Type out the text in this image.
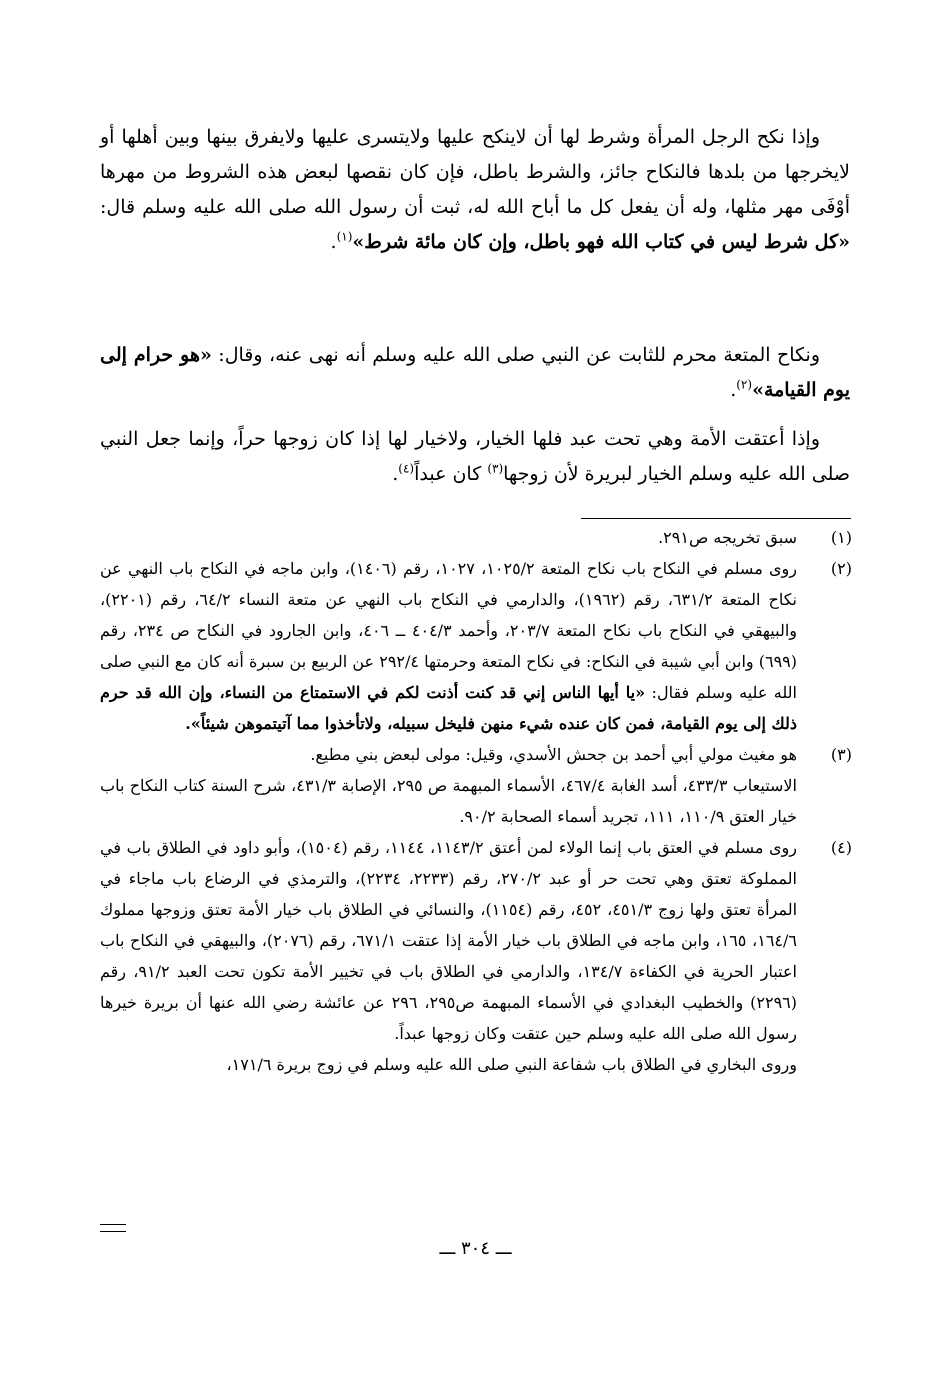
وإذا نكح الرجل المرأة وشرط لها أن لاينكح عليها ولايتسرى عليها ولايفرق بينها وبين أهلها أو لايخرجها من بلدها فالنكاح جائز، والشرط باطل، فإن كان نقصها لبعض هذه الشروط من مهرها أوْفَى مهر مثلها، وله أن يفعل كل ما أباح الله له، ثبت أن رسول الله صلى الله عليه وسلم قال: «كل شرط ليس في كتاب الله فهو باطل، وإن كان مائة شرط»$^{(١)}$.

ونكاح المتعة محرم للثابت عن النبي صلى الله عليه وسلم أنه نهى عنه، وقال: «هو حرام إلى يوم القيامة»$^{(٢)}$.

وإذا أعتقت الأمة وهي تحت عبد فلها الخيار، ولاخيار لها إذا كان زوجها حراً، وإنما جعل النبي صلى الله عليه وسلم الخيار لبريرة لأن زوجها$^{(٣)}$ كان عبداً$^{(٤)}$.

(١)
سبق تخريجه ص٢٩١.
(٢)
روى مسلم في النكاح باب نكاح المتعة ١٠٢٥/٢، ١٠٢٧، رقم (١٤٠٦)، وابن ماجه في النكاح باب النهي عن نكاح المتعة ٦٣١/٢، رقم (١٩٦٢)، والدارمي في النكاح باب النهي عن متعة النساء ٦٤/٢، رقم (٢٢٠١)، والبيهقي في النكاح باب نكاح المتعة ٢٠٣/٧، وأحمد ٤٠٤/٣ ــ ٤٠٦، وابن الجارود في النكاح ص ٢٣٤، رقم (٦٩٩) وابن أبي شيبة في النكاح: في نكاح المتعة وحرمتها ٢٩٢/٤ عن الربيع بن سبرة أنه كان مع النبي صلى الله عليه وسلم فقال: «يا أيها الناس إني قد كنت أذنت لكم في الاستمتاع من النساء، وإن الله قد حرم ذلك إلى يوم القيامة، فمن كان عنده شيء منهن فليخل سبيله، ولاتأخذوا مما آتيتموهن شيئاً».
(٣)
هو مغيث مولي أبي أحمد بن جحش الأسدي، وقيل: مولى لبعض بني مطيع.
الاستيعاب ٤٣٣/٣، أسد الغابة ٤٦٧/٤، الأسماء المبهمة ص ٢٩٥، الإصابة ٤٣١/٣، شرح السنة كتاب النكاح باب خيار العتق ١١٠/٩، ١١١، تجريد أسماء الصحابة ٩٠/٢.
(٤)
روى مسلم في العتق باب إنما الولاء لمن أعتق ١١٤٣/٢، ١١٤٤، رقم (١٥٠٤)، وأبو داود في الطلاق باب في المملوكة تعتق وهي تحت حر أو عبد ٢٧٠/٢، رقم (٢٢٣٣، ٢٢٣٤)، والترمذي في الرضاع باب ماجاء في المرأة تعتق ولها زوج ٤٥١/٣، ٤٥٢، رقم (١١٥٤)، والنسائي في الطلاق باب خيار الأمة تعتق وزوجها مملوك ١٦٤/٦، ١٦٥، وابن ماجه في الطلاق باب خيار الأمة إذا عتقت ٦٧١/١، رقم (٢٠٧٦)، والبيهقي في النكاح باب اعتبار الحرية في الكفاءة ١٣٤/٧، والدارمي في الطلاق باب في تخيير الأمة تكون تحت العبد ٩١/٢، رقم (٢٢٩٦) والخطيب البغدادي في الأسماء المبهمة ص٢٩٥، ٢٩٦ عن عائشة رضي الله عنها أن بريرة خيرها رسول الله صلى الله عليه وسلم حين عتقت وكان زوجها عبداً.
وروى البخاري في الطلاق باب شفاعة النبي صلى الله عليه وسلم في زوج بريرة ١٧١/٦،
ـــ ٣٠٤ ـــ
